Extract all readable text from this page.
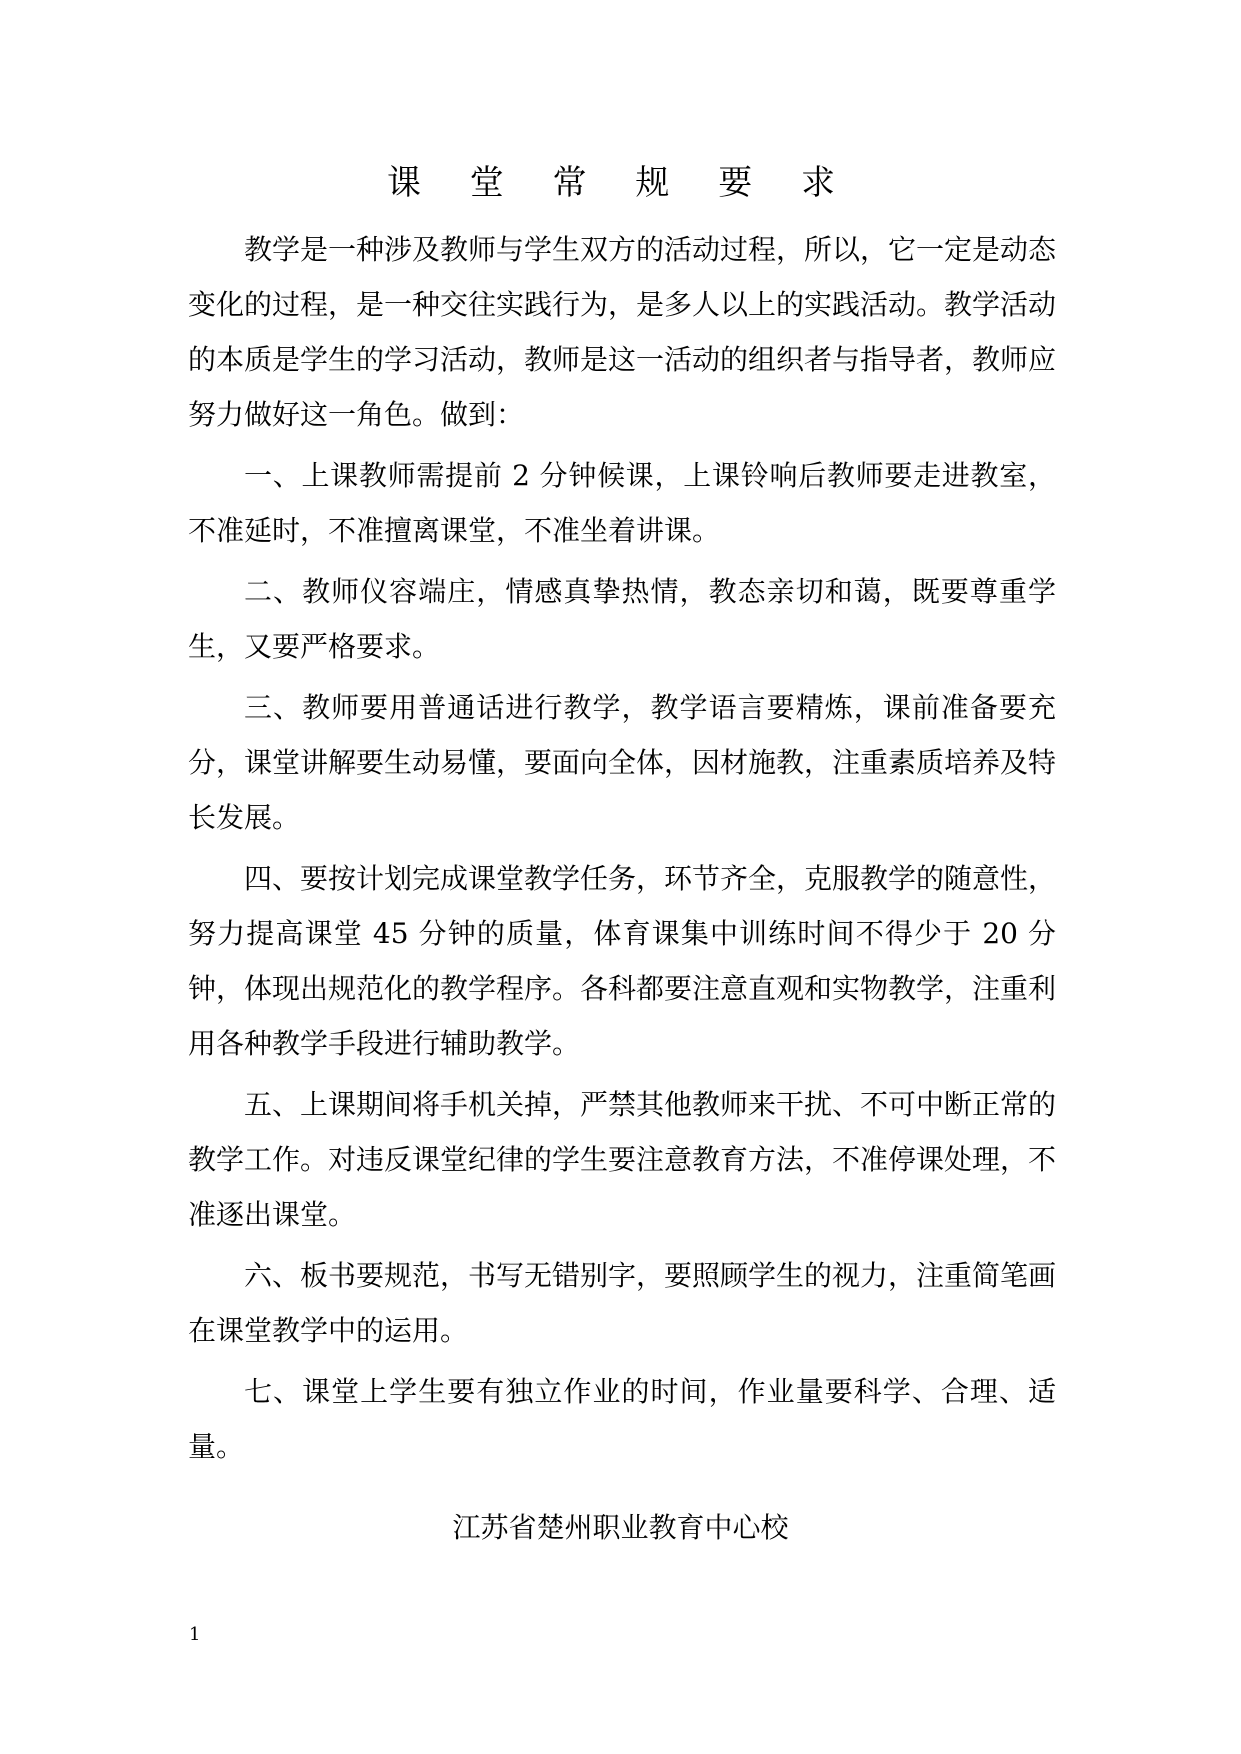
课 堂 常 规 要 求

教学是一种涉及教师与学生双方的活动过程，所以，它一定是动态变化的过程，是一种交往实践行为，是多人以上的实践活动。教学活动的本质是学生的学习活动，教师是这一活动的组织者与指导者，教师应努力做好这一角色。做到：

一、上课教师需提前 2 分钟候课，上课铃响后教师要走进教室，不准延时，不准擅离课堂，不准坐着讲课。

二、教师仪容端庄，情感真挚热情，教态亲切和蔼，既要尊重学生，又要严格要求。

三、教师要用普通话进行教学，教学语言要精炼，课前准备要充分，课堂讲解要生动易懂，要面向全体，因材施教，注重素质培养及特长发展。

四、要按计划完成课堂教学任务，环节齐全，克服教学的随意性，努力提高课堂 45 分钟的质量，体育课集中训练时间不得少于 20 分钟，体现出规范化的教学程序。各科都要注意直观和实物教学，注重利用各种教学手段进行辅助教学。

五、上课期间将手机关掉，严禁其他教师来干扰、不可中断正常的教学工作。对违反课堂纪律的学生要注意教育方法，不准停课处理，不准逐出课堂。

六、板书要规范，书写无错别字，要照顾学生的视力，注重简笔画在课堂教学中的运用。

七、课堂上学生要有独立作业的时间，作业量要科学、合理、适量。

江苏省楚州职业教育中心校
1
